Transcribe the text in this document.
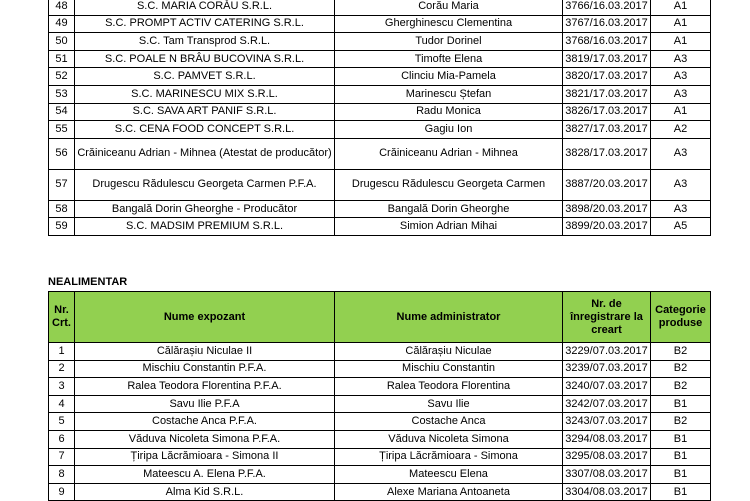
48	S.C. MARIA CORĂU S.R.L.	Corău Maria	3766/16.03.2017	A1
49	S.C. PROMPT ACTIV CATERING S.R.L.	Gherghinescu Clementina	3767/16.03.2017	A1
50	S.C. Tam Transprod S.R.L.	Tudor Dorinel	3768/16.03.2017	A1
51	S.C. POALE N BRÂU BUCOVINA S.R.L.	Timofte Elena	3819/17.03.2017	A3
52	S.C. PAMVET S.R.L.	Clinciu Mia-Pamela	3820/17.03.2017	A3
53	S.C. MARINESCU MIX S.R.L.	Marinescu Ștefan	3821/17.03.2017	A3
54	S.C. SAVA ART PANIF S.R.L.	Radu Monica	3826/17.03.2017	A1
55	S.C. CENA FOOD CONCEPT S.R.L.	Gagiu Ion	3827/17.03.2017	A2
56	Crăiniceanu Adrian - Mihnea (Atestat de producător)	Crăiniceanu Adrian - Mihnea	3828/17.03.2017	A3
57	Drugescu Rădulescu Georgeta Carmen P.F.A.	Drugescu Rădulescu Georgeta Carmen	3887/20.03.2017	A3
58	Bangală Dorin Gheorghe - Producător	Bangală Dorin Gheorghe	3898/20.03.2017	A3
59	S.C. MADSIM PREMIUM S.R.L.	Simion Adrian Mihai	3899/20.03.2017	A5
NEALIMENTAR
Nr. Crt.	Nume expozant	Nume administrator	Nr. de înregistrare la creart	Categorie produse
1	Călărașiu Niculae II	Călărașiu Niculae	3229/07.03.2017	B2
2	Mischiu Constantin P.F.A.	Mischiu Constantin	3239/07.03.2017	B2
3	Ralea Teodora Florentina P.F.A.	Ralea Teodora Florentina	3240/07.03.2017	B2
4	Savu Ilie P.F.A	Savu Ilie	3242/07.03.2017	B1
5	Costache Anca P.F.A.	Costache Anca	3243/07.03.2017	B2
6	Văduva Nicoleta Simona P.F.A.	Văduva Nicoleta Simona	3294/08.03.2017	B1
7	Țiripa Lăcrămioara - Simona II	Țiripa Lăcrămioara - Simona	3295/08.03.2017	B1
8	Mateescu A. Elena P.F.A.	Mateescu Elena	3307/08.03.2017	B1
9	Alma Kid S.R.L.	Alexe Mariana Antoaneta	3304/08.03.2017	B1
